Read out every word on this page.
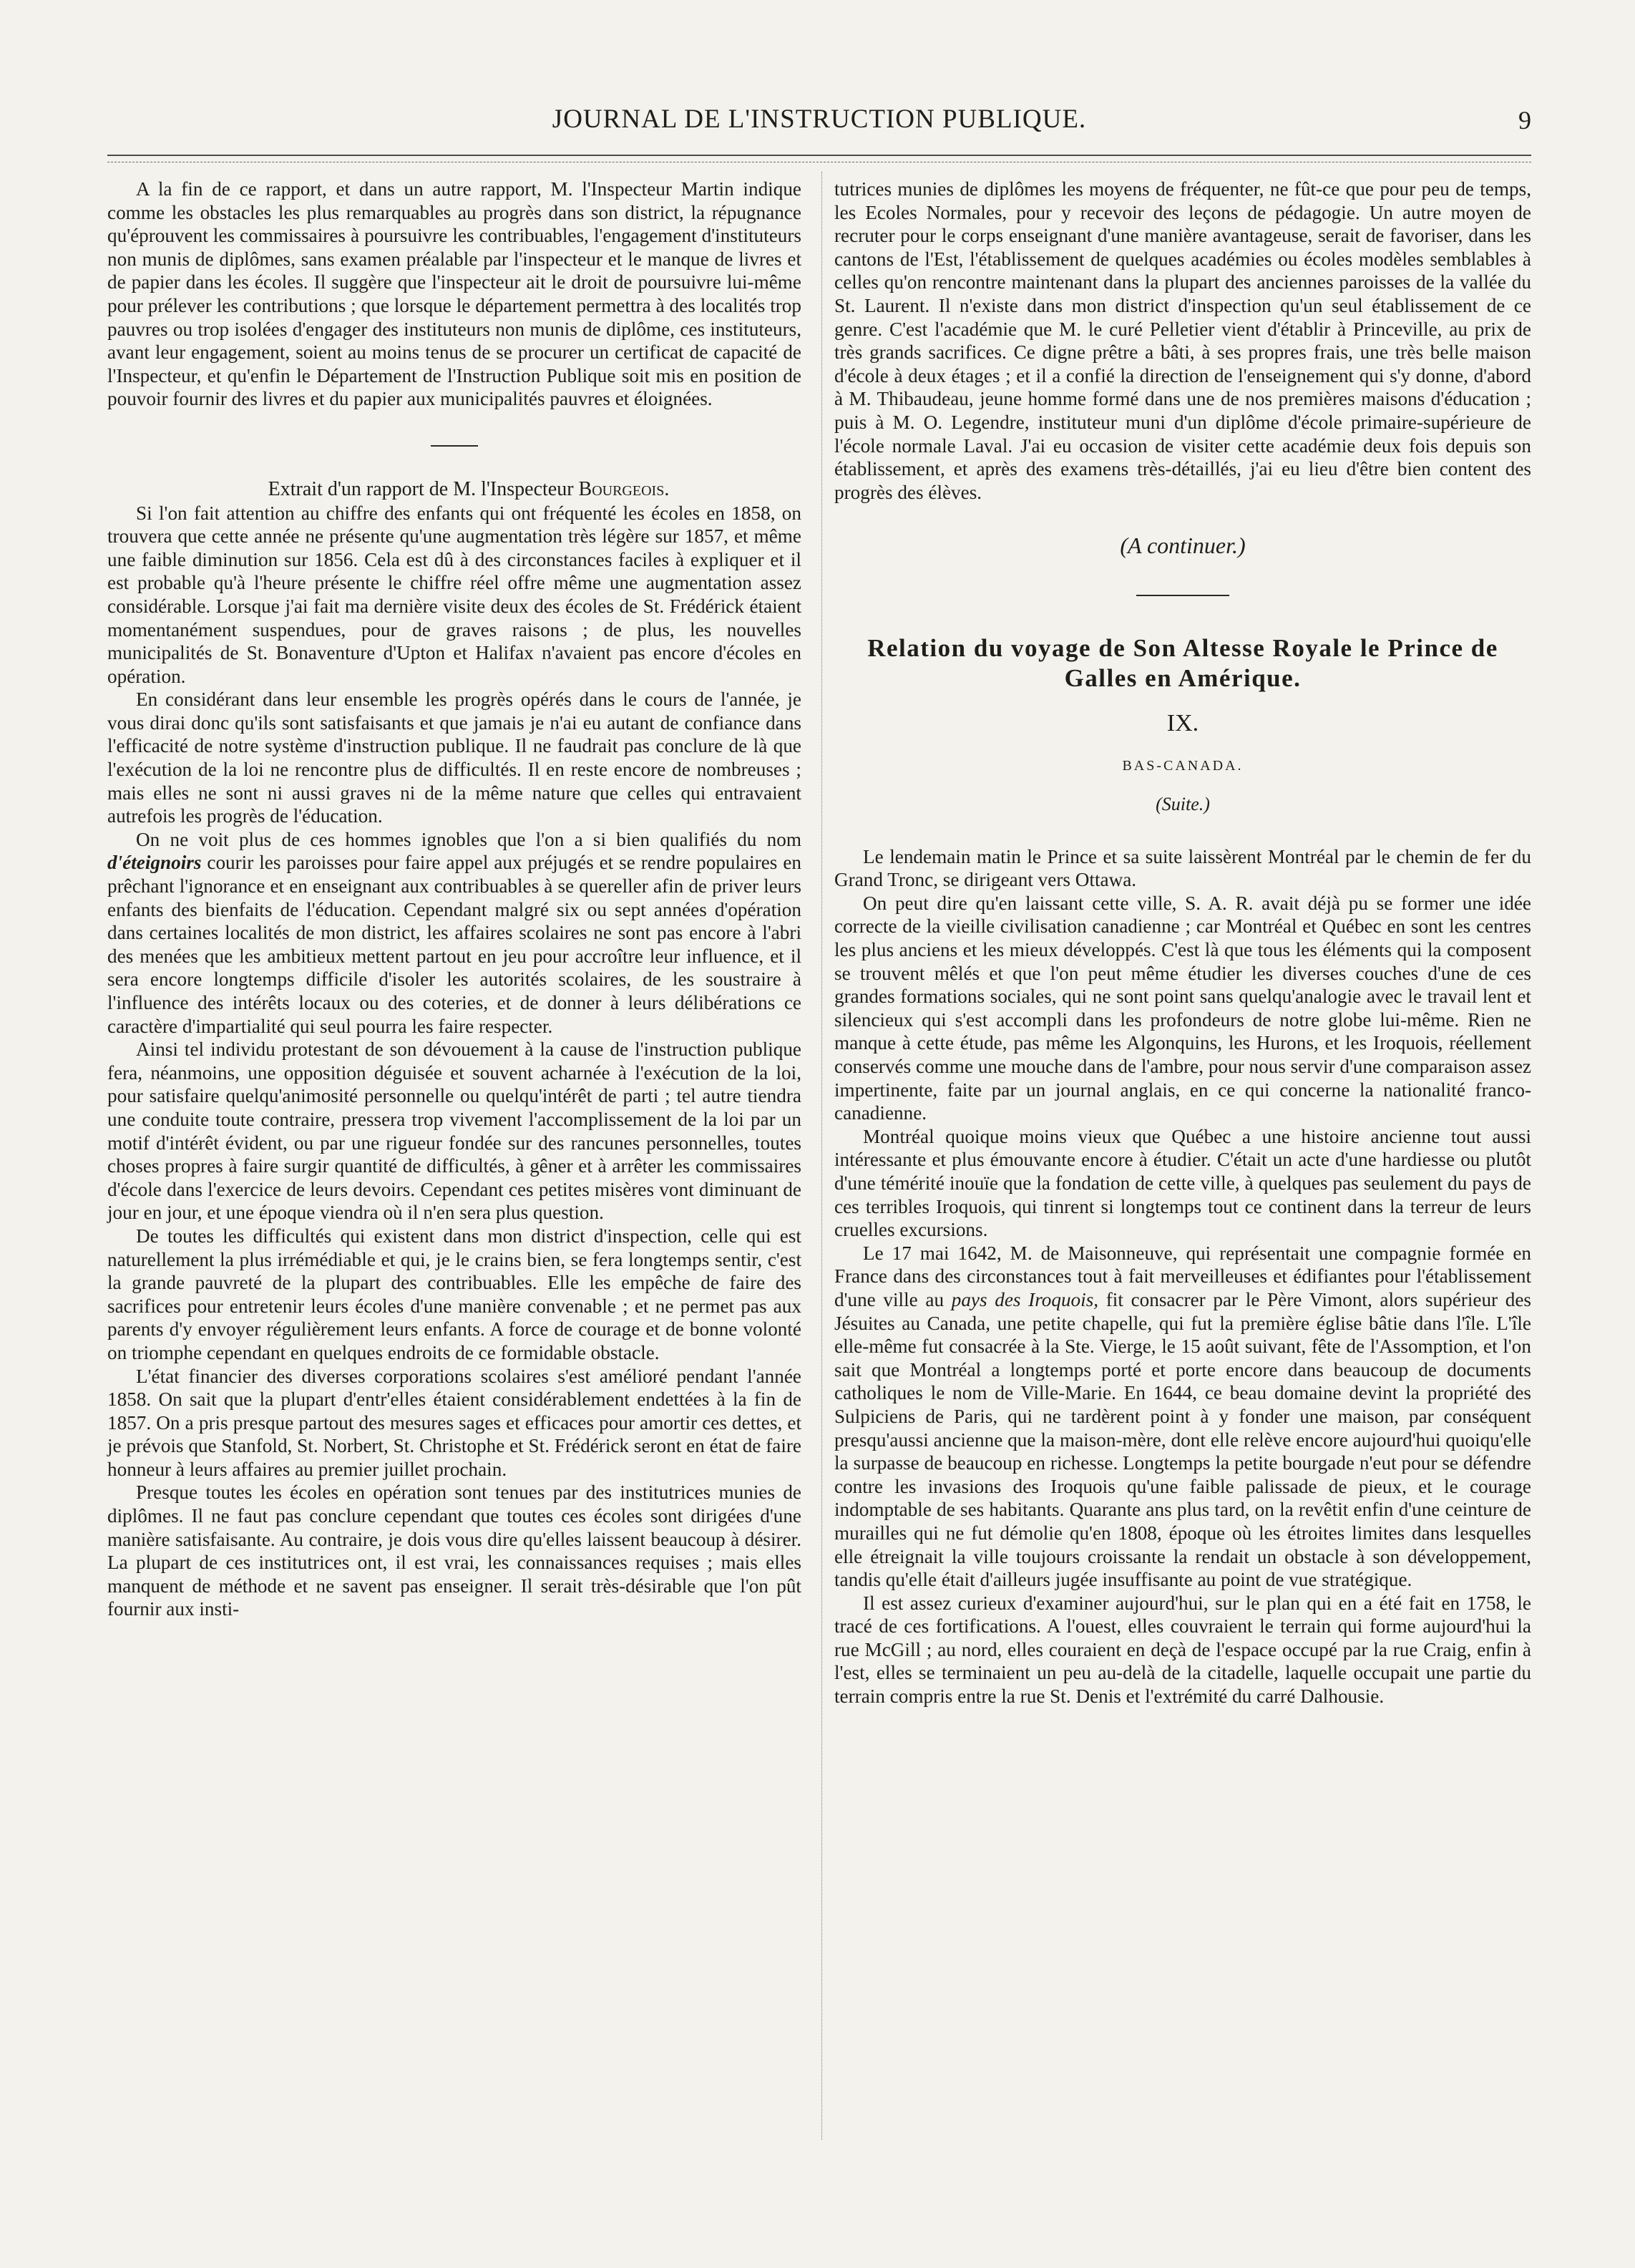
JOURNAL DE L'INSTRUCTION PUBLIQUE.	9

A la fin de ce rapport, et dans un autre rapport, M. l'Inspecteur Martin indique comme les obstacles les plus remarquables au progrès dans son district, la répugnance qu'éprouvent les commissaires à poursuivre les contribuables, l'engagement d'instituteurs non munis de diplômes, sans examen préalable par l'inspecteur et le manque de livres et de papier dans les écoles. Il suggère que l'inspecteur ait le droit de poursuivre lui-même pour prélever les contributions ; que lorsque le département permettra à des localités trop pauvres ou trop isolées d'engager des instituteurs non munis de diplôme, ces instituteurs, avant leur engagement, soient au moins tenus de se procurer un certificat de capacité de l'Inspecteur, et qu'enfin le Département de l'Instruction Publique soit mis en position de pouvoir fournir des livres et du papier aux municipalités pauvres et éloignées.

Extrait d'un rapport de M. l'Inspecteur Bourgeois.

Si l'on fait attention au chiffre des enfants qui ont fréquenté les écoles en 1858, on trouvera que cette année ne présente qu'une augmentation très légère sur 1857, et même une faible diminution sur 1856. Cela est dû à des circonstances faciles à expliquer et il est probable qu'à l'heure présente le chiffre réel offre même une augmentation assez considérable. Lorsque j'ai fait ma dernière visite deux des écoles de St. Frédérick étaient momentanément suspendues, pour de graves raisons ; de plus, les nouvelles municipalités de St. Bonaventure d'Upton et Halifax n'avaient pas encore d'écoles en opération.

En considérant dans leur ensemble les progrès opérés dans le cours de l'année, je vous dirai donc qu'ils sont satisfaisants et que jamais je n'ai eu autant de confiance dans l'efficacité de notre système d'instruction publique. Il ne faudrait pas conclure de là que l'exécution de la loi ne rencontre plus de difficultés. Il en reste encore de nombreuses ; mais elles ne sont ni aussi graves ni de la même nature que celles qui entravaient autrefois les progrès de l'éducation.

On ne voit plus de ces hommes ignobles que l'on a si bien qualifiés du nom d'éteignoirs courir les paroisses pour faire appel aux préjugés et se rendre populaires en prêchant l'ignorance et en enseignant aux contribuables à se quereller afin de priver leurs enfants des bienfaits de l'éducation. Cependant malgré six ou sept années d'opération dans certaines localités de mon district, les affaires scolaires ne sont pas encore à l'abri des menées que les ambitieux mettent partout en jeu pour accroître leur influence, et il sera encore longtemps difficile d'isoler les autorités scolaires, de les soustraire à l'influence des intérêts locaux ou des coteries, et de donner à leurs délibérations ce caractère d'impartialité qui seul pourra les faire respecter.

Ainsi tel individu protestant de son dévouement à la cause de l'instruction publique fera, néanmoins, une opposition déguisée et souvent acharnée à l'exécution de la loi, pour satisfaire quelqu'animosité personnelle ou quelqu'intérêt de parti ; tel autre tiendra une conduite toute contraire, pressera trop vivement l'accomplissement de la loi par un motif d'intérêt évident, ou par une rigueur fondée sur des rancunes personnelles, toutes choses propres à faire surgir quantité de difficultés, à gêner et à arrêter les commissaires d'école dans l'exercice de leurs devoirs. Cependant ces petites misères vont diminuant de jour en jour, et une époque viendra où il n'en sera plus question.

De toutes les difficultés qui existent dans mon district d'inspection, celle qui est naturellement la plus irrémédiable et qui, je le crains bien, se fera longtemps sentir, c'est la grande pauvreté de la plupart des contribuables. Elle les empêche de faire des sacrifices pour entretenir leurs écoles d'une manière convenable ; et ne permet pas aux parents d'y envoyer régulièrement leurs enfants. A force de courage et de bonne volonté on triomphe cependant en quelques endroits de ce formidable obstacle.

L'état financier des diverses corporations scolaires s'est amélioré pendant l'année 1858. On sait que la plupart d'entr'elles étaient considérablement endettées à la fin de 1857. On a pris presque partout des mesures sages et efficaces pour amortir ces dettes, et je prévois que Stanfold, St. Norbert, St. Christophe et St. Frédérick seront en état de faire honneur à leurs affaires au premier juillet prochain.

Presque toutes les écoles en opération sont tenues par des institutrices munies de diplômes. Il ne faut pas conclure cependant que toutes ces écoles sont dirigées d'une manière satisfaisante. Au contraire, je dois vous dire qu'elles laissent beaucoup à désirer. La plupart de ces institutrices ont, il est vrai, les connaissances requises ; mais elles manquent de méthode et ne savent pas enseigner. Il serait très-désirable que l'on pût fournir aux insti-

tutrices munies de diplômes les moyens de fréquenter, ne fût-ce que pour peu de temps, les Ecoles Normales, pour y recevoir des leçons de pédagogie. Un autre moyen de recruter pour le corps enseignant d'une manière avantageuse, serait de favoriser, dans les cantons de l'Est, l'établissement de quelques académies ou écoles modèles semblables à celles qu'on rencontre maintenant dans la plupart des anciennes paroisses de la vallée du St. Laurent. Il n'existe dans mon district d'inspection qu'un seul établissement de ce genre. C'est l'académie que M. le curé Pelletier vient d'établir à Princeville, au prix de très grands sacrifices. Ce digne prêtre a bâti, à ses propres frais, une très belle maison d'école à deux étages ; et il a confié la direction de l'enseignement qui s'y donne, d'abord à M. Thibaudeau, jeune homme formé dans une de nos premières maisons d'éducation ; puis à M. O. Legendre, instituteur muni d'un diplôme d'école primaire-supérieure de l'école normale Laval. J'ai eu occasion de visiter cette académie deux fois depuis son établissement, et après des examens très-détaillés, j'ai eu lieu d'être bien content des progrès des élèves.

(A continuer.)
Relation du voyage de Son Altesse Royale le Prince de Galles en Amérique.
IX.
BAS-CANADA.
(Suite.)

Le lendemain matin le Prince et sa suite laissèrent Montréal par le chemin de fer du Grand Tronc, se dirigeant vers Ottawa.

On peut dire qu'en laissant cette ville, S. A. R. avait déjà pu se former une idée correcte de la vieille civilisation canadienne ; car Montréal et Québec en sont les centres les plus anciens et les mieux développés. C'est là que tous les éléments qui la composent se trouvent mêlés et que l'on peut même étudier les diverses couches d'une de ces grandes formations sociales, qui ne sont point sans quelqu'analogie avec le travail lent et silencieux qui s'est accompli dans les profondeurs de notre globe lui-même. Rien ne manque à cette étude, pas même les Algonquins, les Hurons, et les Iroquois, réellement conservés comme une mouche dans de l'ambre, pour nous servir d'une comparaison assez impertinente, faite par un journal anglais, en ce qui concerne la nationalité franco-canadienne.

Montréal quoique moins vieux que Québec a une histoire ancienne tout aussi intéressante et plus émouvante encore à étudier. C'était un acte d'une hardiesse ou plutôt d'une témérité inouïe que la fondation de cette ville, à quelques pas seulement du pays de ces terribles Iroquois, qui tinrent si longtemps tout ce continent dans la terreur de leurs cruelles excursions.

Le 17 mai 1642, M. de Maisonneuve, qui représentait une compagnie formée en France dans des circonstances tout à fait merveilleuses et édifiantes pour l'établissement d'une ville au pays des Iroquois, fit consacrer par le Père Vimont, alors supérieur des Jésuites au Canada, une petite chapelle, qui fut la première église bâtie dans l'île. L'île elle-même fut consacrée à la Ste. Vierge, le 15 août suivant, fête de l'Assomption, et l'on sait que Montréal a longtemps porté et porte encore dans beaucoup de documents catholiques le nom de Ville-Marie. En 1644, ce beau domaine devint la propriété des Sulpiciens de Paris, qui ne tardèrent point à y fonder une maison, par conséquent presqu'aussi ancienne que la maison-mère, dont elle relève encore aujourd'hui quoiqu'elle la surpasse de beaucoup en richesse. Longtemps la petite bourgade n'eut pour se défendre contre les invasions des Iroquois qu'une faible palissade de pieux, et le courage indomptable de ses habitants. Quarante ans plus tard, on la revêtit enfin d'une ceinture de murailles qui ne fut démolie qu'en 1808, époque où les étroites limites dans lesquelles elle étreignait la ville toujours croissante la rendait un obstacle à son développement, tandis qu'elle était d'ailleurs jugée insuffisante au point de vue stratégique.

Il est assez curieux d'examiner aujourd'hui, sur le plan qui en a été fait en 1758, le tracé de ces fortifications. A l'ouest, elles couvraient le terrain qui forme aujourd'hui la rue McGill ; au nord, elles couraient en deçà de l'espace occupé par la rue Craig, enfin à l'est, elles se terminaient un peu au-delà de la citadelle, laquelle occupait une partie du terrain compris entre la rue St. Denis et l'extrémité du carré Dalhousie.
